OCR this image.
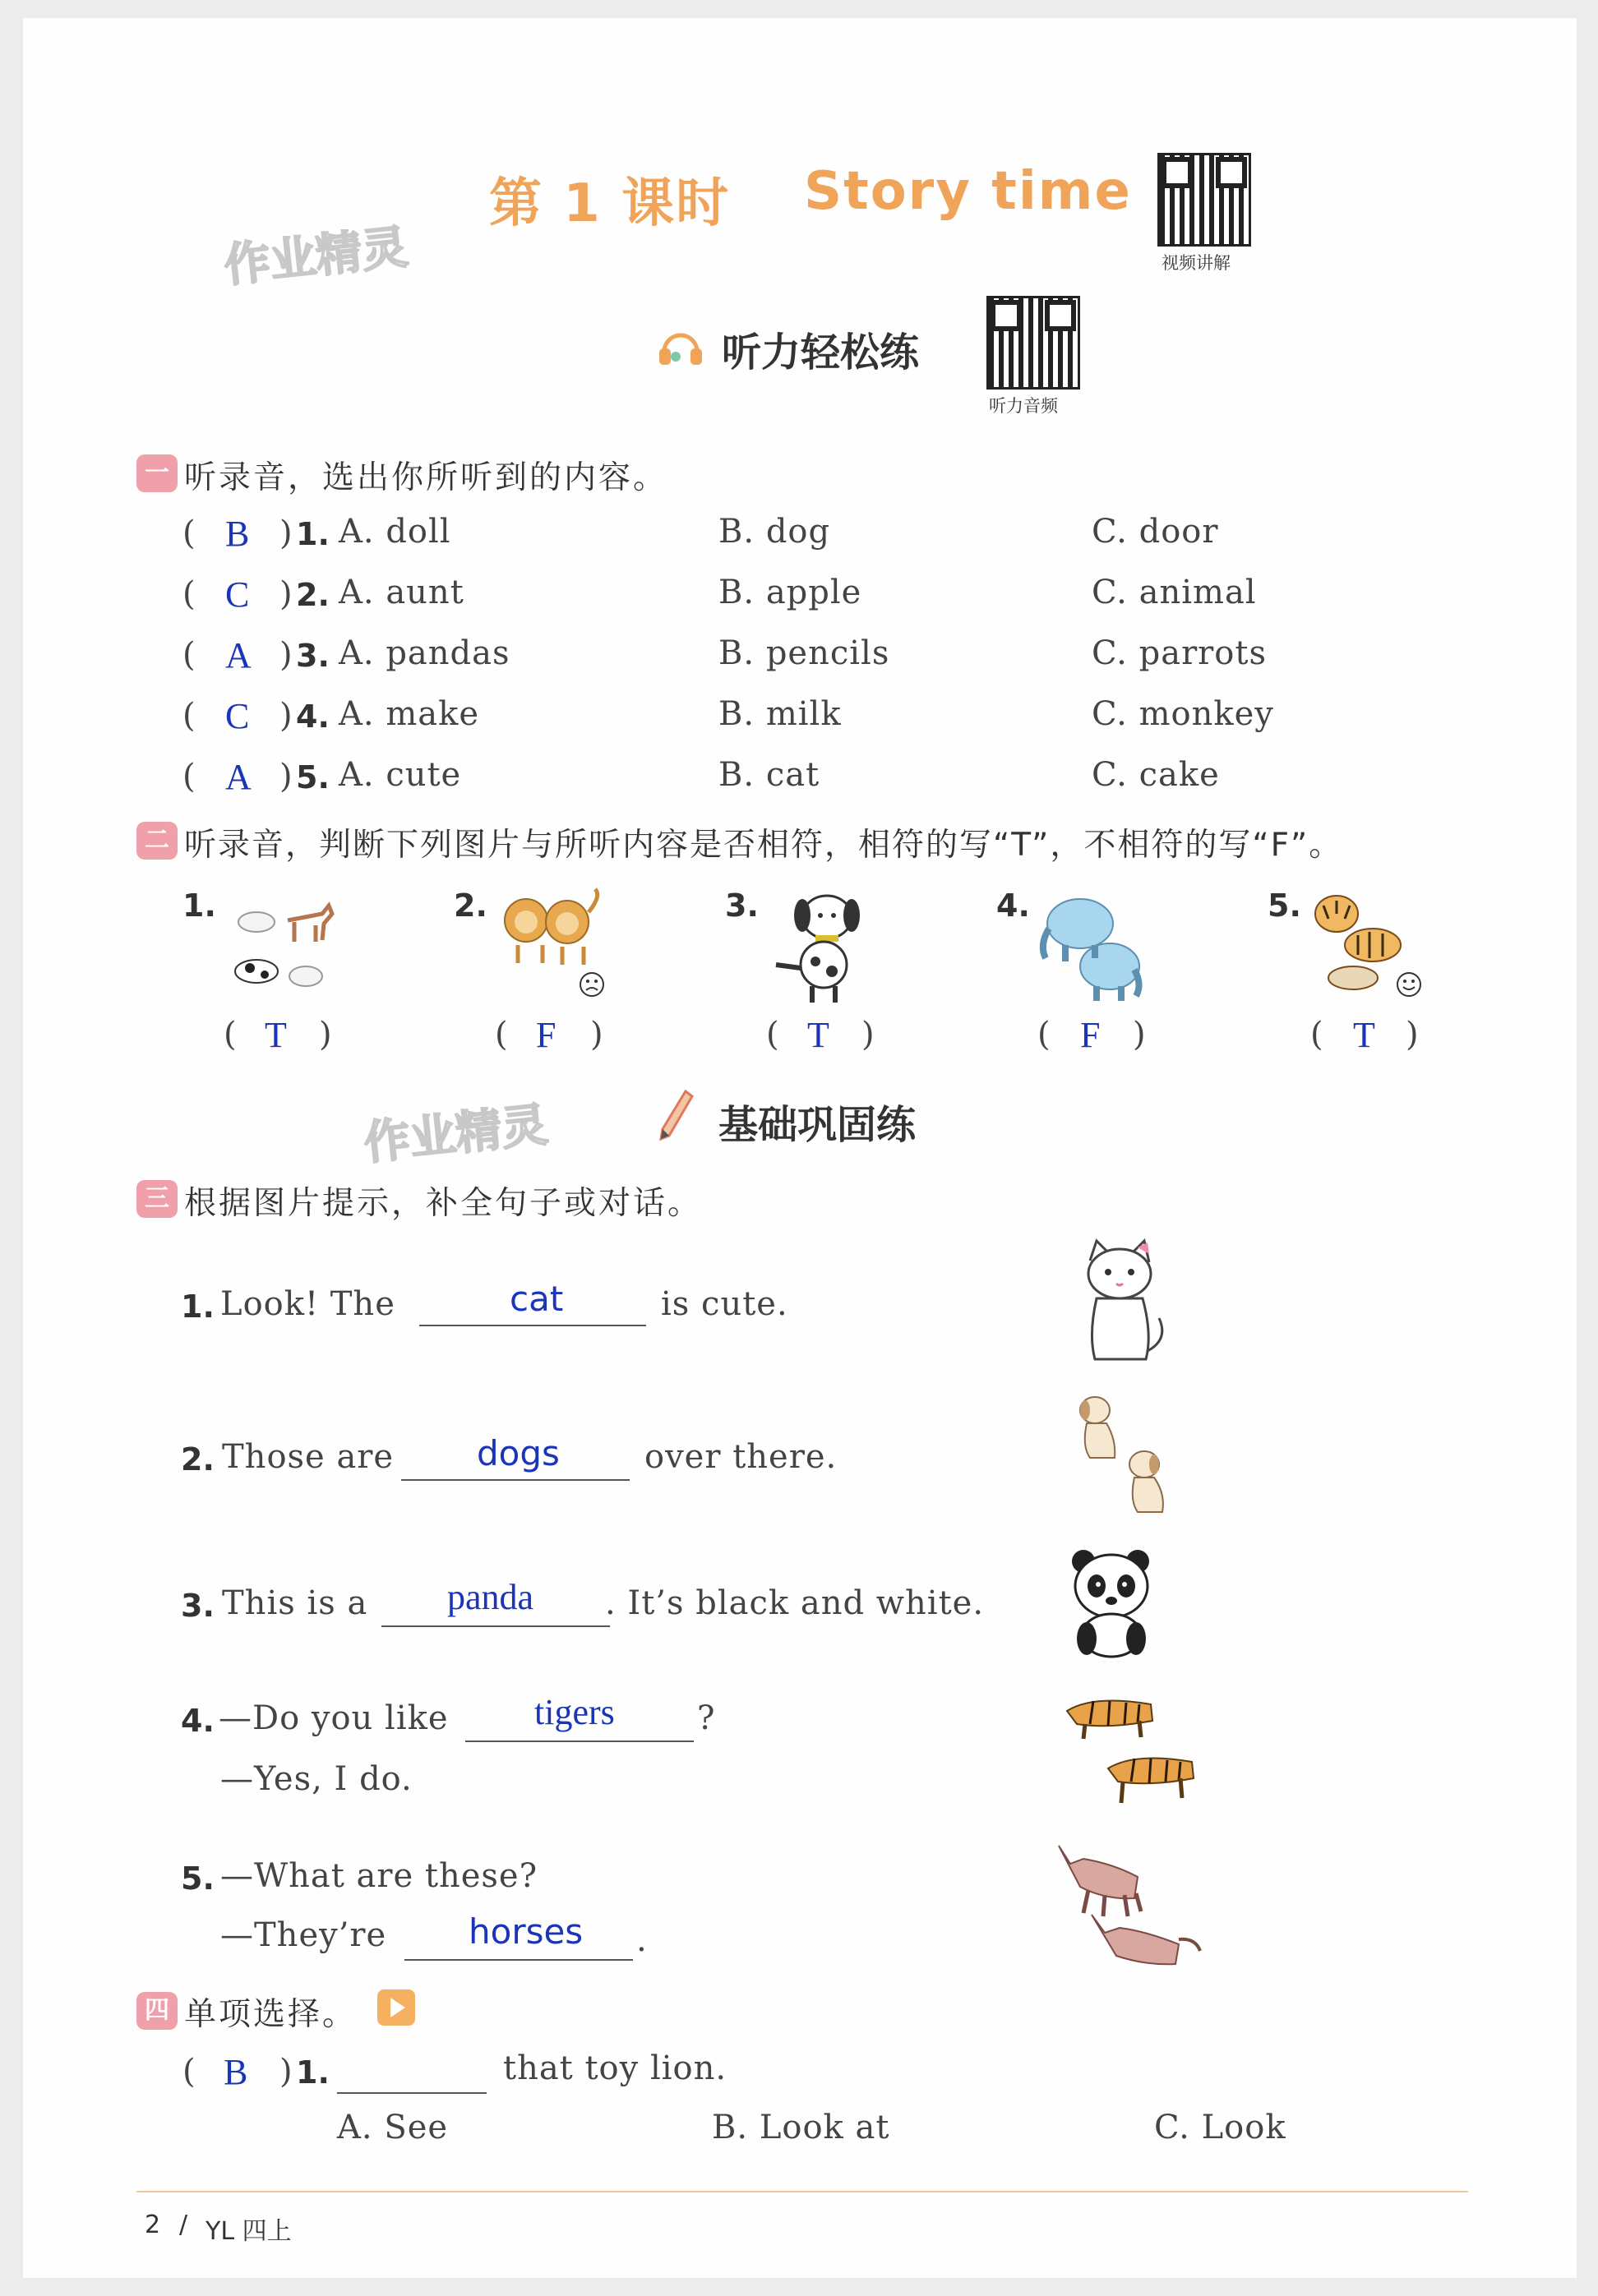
第 1 课时 Story time
视频讲解
作业精灵
听力轻松练
听力音频
一 听录音，选出你所听到的内容。
( B ) 1. A. doll	B. dog	C. door
( C ) 2. A. aunt	B. apple	C. animal
( A ) 3. A. pandas	B. pencils	C. parrots
( C ) 4. A. make	B. milk	C. monkey
( A ) 5. A. cute	B. cat	C. cake
二 听录音，判断下列图片与所听内容是否相符，相符的写“T”，不相符的写“F”。
1.
( T )
2.
( F )
3.
( T )
4.
( F )
5.
( T )
作业精灵	基础巩固练
三 根据图片提示，补全句子或对话。
1. Look! The	cat	is cute.
2. Those are dogs	over there.
3. This is a panda . It’s black and white.
4. —Do you like tigers	?
—Yes, I do.
5. —What are these?
—They’re horses .
四 单项选择。
( B ) 1.	that toy lion.
A. See	B. Look at	C. Look
2 / YL 四上
